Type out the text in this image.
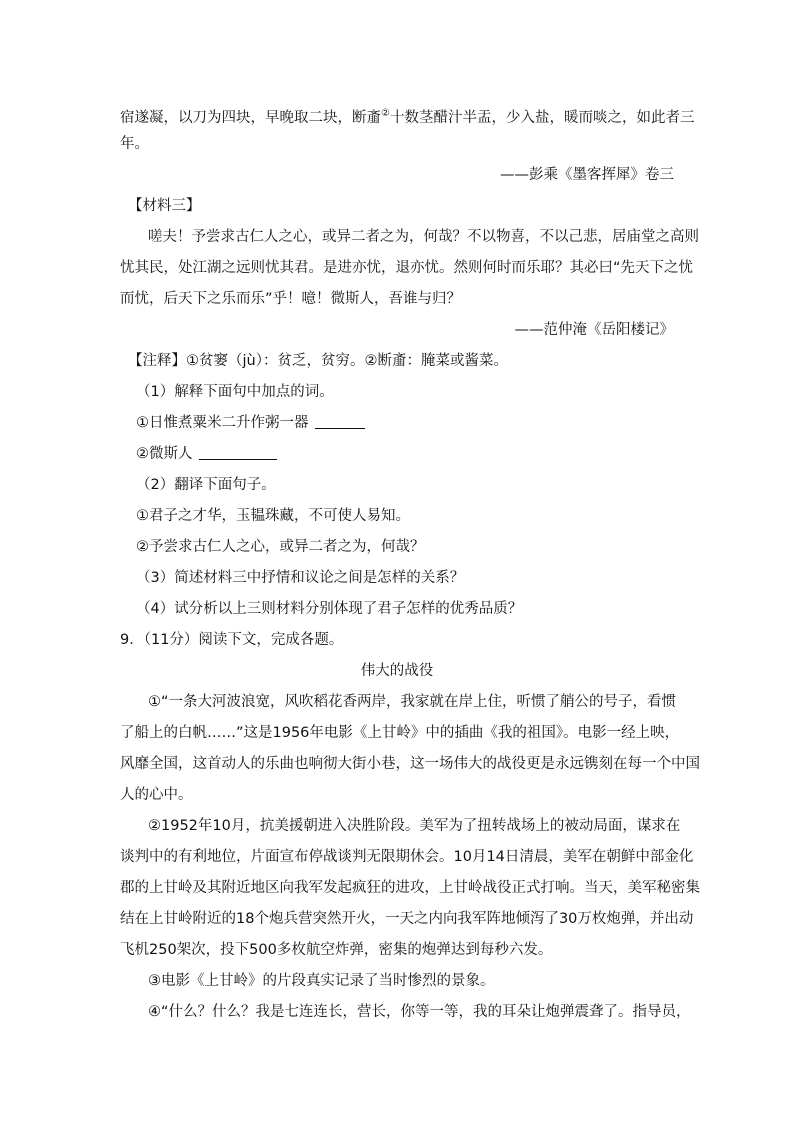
宿遂凝，以刀为四块，早晚取二块，断齑②十数茎醋汁半盂，少入盐，暖而啖之，如此者三
年。
——彭乘《墨客挥犀》卷三
【材料三】
嗟夫！予尝求古仁人之心，或异二者之为，何哉？不以物喜，不以己悲，居庙堂之高则
忧其民，处江湖之远则忧其君。是进亦忧，退亦忧。然则何时而乐耶？其必曰“先天下之忧
而忧，后天下之乐而乐”乎！噫！微斯人，吾谁与归？
——范仲淹《岳阳楼记》
【注释】①贫窭（jù）：贫乏，贫穷。②断齑：腌菜或酱菜。
（1）解释下面句中加点的词。
①日惟煮粟米二升作粥一器
②微斯人
（2）翻译下面句子。
①君子之才华，玉韫珠藏，不可使人易知。
②予尝求古仁人之心，或异二者之为，何哉？
（3）简述材料三中抒情和议论之间是怎样的关系？
（4）试分析以上三则材料分别体现了君子怎样的优秀品质？
9．（11分）阅读下文，完成各题。
伟大的战役
①“一条大河波浪宽，风吹稻花香两岸，我家就在岸上住，听惯了艄公的号子，看惯
了船上的白帆……”这是1956年电影《上甘岭》中的插曲《我的祖国》。电影一经上映，
风靡全国，这首动人的乐曲也响彻大街小巷，这一场伟大的战役更是永远镌刻在每一个中国
人的心中。
②1952年10月，抗美援朝进入决胜阶段。美军为了扭转战场上的被动局面，谋求在
谈判中的有利地位，片面宣布停战谈判无限期休会。10月14日清晨，美军在朝鲜中部金化
郡的上甘岭及其附近地区向我军发起疯狂的进攻，上甘岭战役正式打响。当天，美军秘密集
结在上甘岭附近的18个炮兵营突然开火，一天之内向我军阵地倾泻了30万枚炮弹，并出动
飞机250架次，投下500多枚航空炸弹，密集的炮弹达到每秒六发。
③电影《上甘岭》的片段真实记录了当时惨烈的景象。
④“什么？什么？我是七连连长，营长，你等一等，我的耳朵让炮弹震聋了。指导员，
